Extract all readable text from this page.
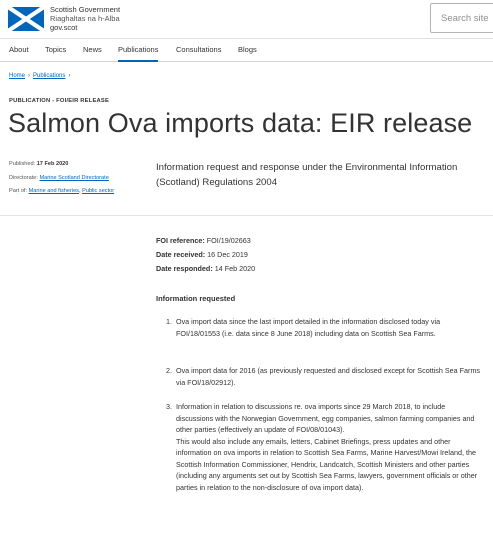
Scottish Government
Riaghaltas na h-Alba
gov.scot
Search site
About Topics News Publications Consultations Blogs
Home › Publications ›
PUBLICATION - FOI/EIR RELEASE
Salmon Ova imports data: EIR release
Published: 17 Feb 2020
Directorate: Marine Scotland Directorate
Part of: Marine and fisheries, Public sector

Information request and response under the Environmental Information (Scotland) Regulations 2004

FOI reference: FOI/19/02663
Date received: 16 Dec 2019
Date responded: 14 Feb 2020
Information requested
1. Ova import data since the last import detailed in the information disclosed today via FOI/18/01553 (i.e. data since 8 June 2018) including data on Scottish Sea Farms.
2. Ova import data for 2016 (as previously requested and disclosed except for Scottish Sea Farms via FOI/18/02912).
3. Information in relation to discussions re. ova imports since 29 March 2018, to include discussions with the Norwegian Government, egg companies, salmon farming companies and other parties (effectively an update of FOI/08/01043).
This would also include any emails, letters, Cabinet Briefings, press updates and other information on ova imports in relation to Scottish Sea Farms, Marine Harvest/Mowi Ireland, the Scottish Information Commissioner, Hendrix, Landcatch, Scottish Ministers and other parties (including any arguments set out by Scottish Sea Farms, lawyers, government officials or other parties in relation to the non-disclosure of ova import data).
